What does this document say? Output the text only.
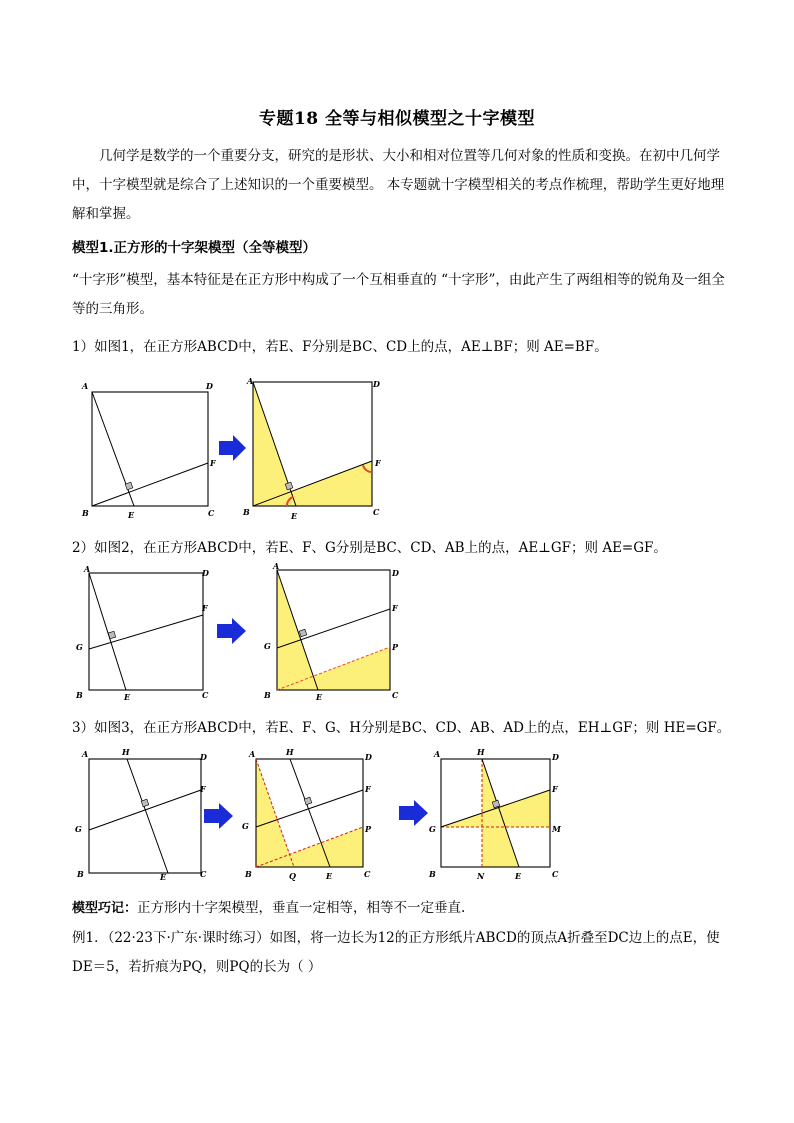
专题18 全等与相似模型之十字模型
几何学是数学的一个重要分支，研究的是形状、大小和相对位置等几何对象的性质和变换。在初中几何学中，十字模型就是综合了上述知识的一个重要模型。 本专题就十字模型相关的考点作梳理，帮助学生更好地理解和掌握。
模型1.正方形的十字架模型（全等模型）
“十字形”模型，基本特征是在正方形中构成了一个互相垂直的 “十字形”，由此产生了两组相等的锐角及一组全等的三角形。
1）如图1，在正方形ABCD中，若E、F分别是BC、CD上的点，AE⊥BF；则 AE=BF。
A	D
B	C
E
F
A	D
B	C
E
F
2）如图2，在正方形ABCD中，若E、F、G分别是BC、CD、AB上的点，AE⊥GF；则 AE=GF。
A	D
G
F
B	C
E
A
D
G
F
P
B	C
E
3）如图3，在正方形ABCD中，若E、F、G、H分别是BC、CD、AB、AD上的点，EH⊥GF；则 HE=GF。
A	H	D
F
G
B	C
E
A	H	D
F
P
G
B	Q	E	C
A	H	D
F
M
G
B	N	E	C
模型巧记：正方形内十字架模型，垂直一定相等，相等不一定垂直.
例1．（22·23下·广东·课时练习）如图，将一边长为12的正方形纸片ABCD的顶点A折叠至DC边上的点E，使DE＝5，若折痕为PQ，则PQ的长为（ ）
